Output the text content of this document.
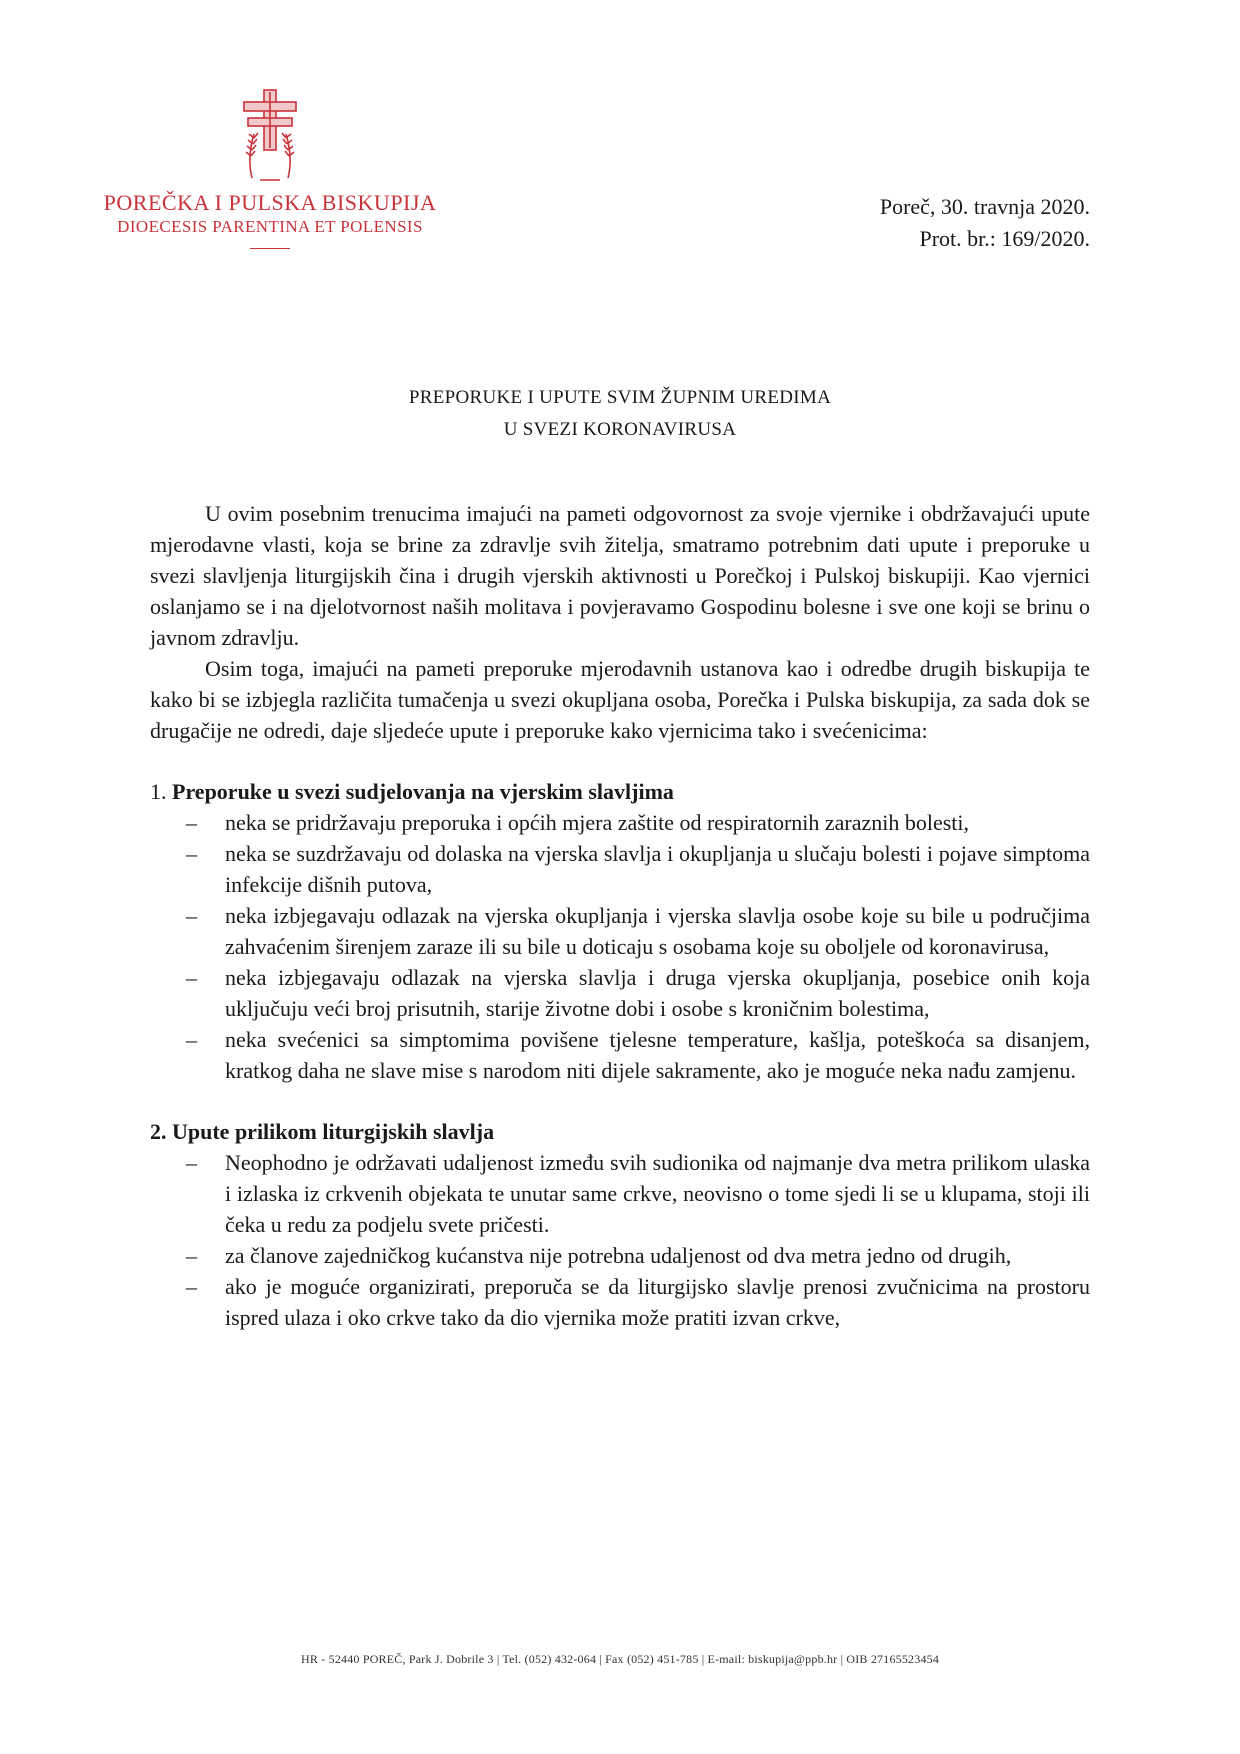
POREČKA I PULSKA BISKUPIJA
DIOECESIS PARENTINA ET POLENSIS
Poreč, 30. travnja 2020.
Prot. br.: 169/2020.
PREPORUKE I UPUTE SVIM ŽUPNIM UREDIMA
U SVEZI KORONAVIRUSA

U ovim posebnim trenucima imajući na pameti odgovornost za svoje vjernike i obdržavajući upute mjerodavne vlasti, koja se brine za zdravlje svih žitelja, smatramo potrebnim dati upute i preporuke u svezi slavljenja liturgijskih čina i drugih vjerskih aktivnosti u Porečkoj i Pulskoj biskupiji. Kao vjernici oslanjamo se i na djelotvornost naših molitava i povjeravamo Gospodinu bolesne i sve one koji se brinu o javnom zdravlju.

Osim toga, imajući na pameti preporuke mjerodavnih ustanova kao i odredbe drugih biskupija te kako bi se izbjegla različita tumačenja u svezi okupljana osoba, Porečka i Pulska biskupija, za sada dok se drugačije ne odredi, daje sljedeće upute i preporuke kako vjernicima tako i svećenicima:

1. Preporuke u svezi sudjelovanja na vjerskim slavljima
– neka se pridržavaju preporuka i općih mjera zaštite od respiratornih zaraznih bolesti,
– neka se suzdržavaju od dolaska na vjerska slavlja i okupljanja u slučaju bolesti i pojave simptoma infekcije dišnih putova,
– neka izbjegavaju odlazak na vjerska okupljanja i vjerska slavlja osobe koje su bile u područjima zahvaćenim širenjem zaraze ili su bile u doticaju s osobama koje su oboljele od koronavirusa,
– neka izbjegavaju odlazak na vjerska slavlja i druga vjerska okupljanja, posebice onih koja uključuju veći broj prisutnih, starije životne dobi i osobe s kroničnim bolestima,
– neka svećenici sa simptomima povišene tjelesne temperature, kašlja, poteškoća sa disanjem, kratkog daha ne slave mise s narodom niti dijele sakramente, ako je moguće neka nađu zamjenu.
2. Upute prilikom liturgijskih slavlja
– Neophodno je održavati udaljenost između svih sudionika od najmanje dva metra prilikom ulaska i izlaska iz crkvenih objekata te unutar same crkve, neovisno o tome sjedi li se u klupama, stoji ili čeka u redu za podjelu svete pričesti.
– za članove zajedničkog kućanstva nije potrebna udaljenost od dva metra jedno od drugih,
– ako je moguće organizirati, preporuča se da liturgijsko slavlje prenosi zvučnicima na prostoru ispred ulaza i oko crkve tako da dio vjernika može pratiti izvan crkve,
HR - 52440 POREČ, Park J. Dobrile 3 | Tel. (052) 432-064 | Fax (052) 451-785 | E-mail: biskupija@ppb.hr | OIB 27165523454
